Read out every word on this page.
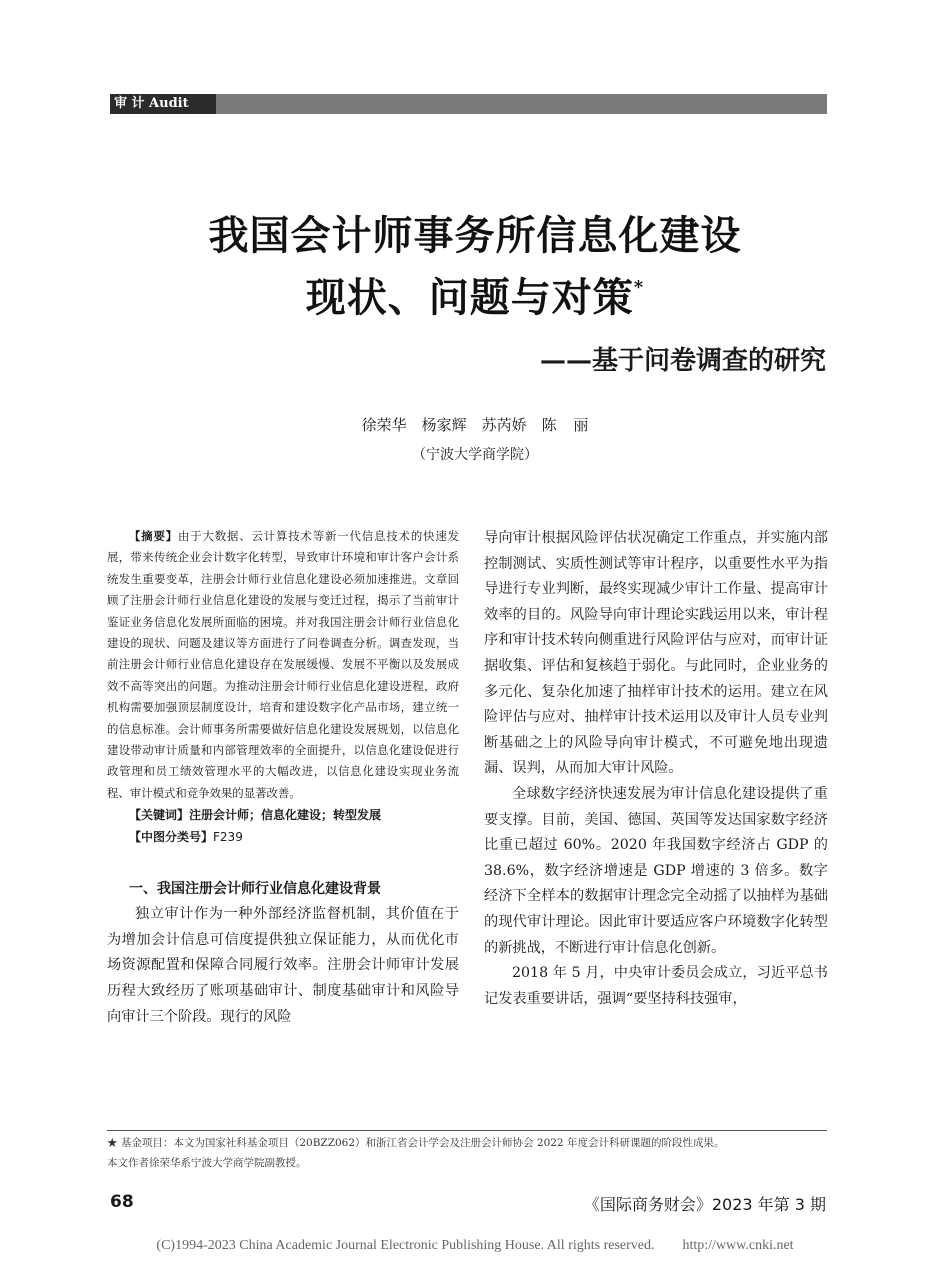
审 计 Audit
我国会计师事务所信息化建设
现状、问题与对策*
——基于问卷调查的研究
徐荣华　杨家辉　苏芮娇　陈 丽
（宁波大学商学院）

【摘要】由于大数据、云计算技术等新一代信息技术的快速发展，带来传统企业会计数字化转型，导致审计环境和审计客户会计系统发生重要变革，注册会计师行业信息化建设必须加速推进。文章回顾了注册会计师行业信息化建设的发展与变迁过程，揭示了当前审计鉴证业务信息化发展所面临的困境。并对我国注册会计师行业信息化建设的现状、问题及建议等方面进行了问卷调查分析。调查发现，当前注册会计师行业信息化建设存在发展缓慢、发展不平衡以及发展成效不高等突出的问题。为推动注册会计师行业信息化建设进程，政府机构需要加强顶层制度设计，培育和建设数字化产品市场，建立统一的信息标准。会计师事务所需要做好信息化建设发展规划，以信息化建设带动审计质量和内部管理效率的全面提升，以信息化建设促进行政管理和员工绩效管理水平的大幅改进，以信息化建设实现业务流程、审计模式和竞争效果的显著改善。

【关键词】注册会计师；信息化建设；转型发展

【中图分类号】F239

一、我国注册会计师行业信息化建设背景

独立审计作为一种外部经济监督机制，其价值在于为增加会计信息可信度提供独立保证能力，从而优化市场资源配置和保障合同履行效率。注册会计师审计发展历程大致经历了账项基础审计、制度基础审计和风险导向审计三个阶段。现行的风险

导向审计根据风险评估状况确定工作重点，并实施内部控制测试、实质性测试等审计程序，以重要性水平为指导进行专业判断，最终实现减少审计工作量、提高审计效率的目的。风险导向审计理论实践运用以来，审计程序和审计技术转向侧重进行风险评估与应对，而审计证据收集、评估和复核趋于弱化。与此同时，企业业务的多元化、复杂化加速了抽样审计技术的运用。建立在风险评估与应对、抽样审计技术运用以及审计人员专业判断基础之上的风险导向审计模式，不可避免地出现遗漏、误判，从而加大审计风险。

全球数字经济快速发展为审计信息化建设提供了重要支撑。目前，美国、德国、英国等发达国家数字经济比重已超过 60%。2020 年我国数字经济占 GDP 的 38.6%，数字经济增速是 GDP 增速的 3 倍多。数字经济下全样本的数据审计理念完全动摇了以抽样为基础的现代审计理论。因此审计要适应客户环境数字化转型的新挑战，不断进行审计信息化创新。

2018 年 5 月，中央审计委员会成立，习近平总书记发表重要讲话，强调“要坚持科技强审，

★ 基金项目：本文为国家社科基金项目（20BZZ062）和浙江省会计学会及注册会计师协会 2022 年度会计科研课题的阶段性成果。
本文作者徐荣华系宁波大学商学院副教授。
68	《国际商务财会》2023 年第 3 期
(C)1994-2023 China Academic Journal Electronic Publishing House. All rights reserved.　　http://www.cnki.net
